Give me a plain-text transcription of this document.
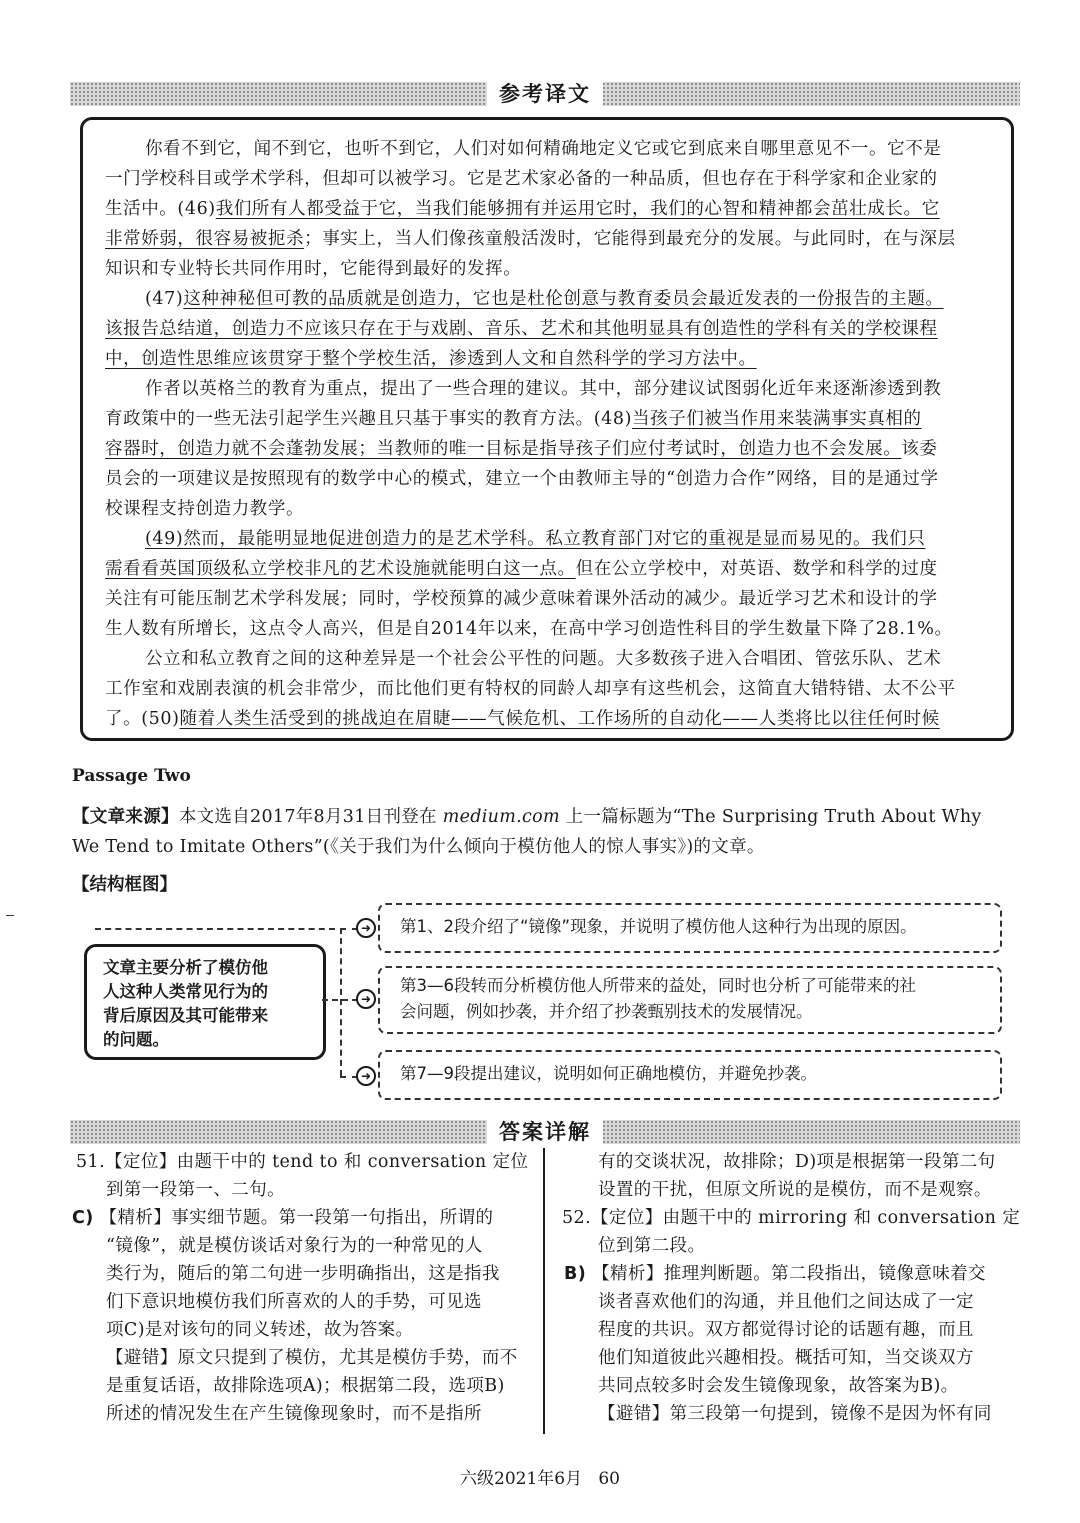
参考译文
你看不到它，闻不到它，也听不到它，人们对如何精确地定义它或它到底来自哪里意见不一。它不是
一门学校科目或学术学科，但却可以被学习。它是艺术家必备的一种品质，但也存在于科学家和企业家的
生活中。(46)我们所有人都受益于它，当我们能够拥有并运用它时，我们的心智和精神都会茁壮成长。它
非常娇弱，很容易被扼杀；事实上，当人们像孩童般活泼时，它能得到最充分的发展。与此同时，在与深层
知识和专业特长共同作用时，它能得到最好的发挥。
(47)这种神秘但可教的品质就是创造力，它也是杜伦创意与教育委员会最近发表的一份报告的主题。
该报告总结道，创造力不应该只存在于与戏剧、音乐、艺术和其他明显具有创造性的学科有关的学校课程
中，创造性思维应该贯穿于整个学校生活，渗透到人文和自然科学的学习方法中。
作者以英格兰的教育为重点，提出了一些合理的建议。其中，部分建议试图弱化近年来逐渐渗透到教
育政策中的一些无法引起学生兴趣且只基于事实的教育方法。(48)当孩子们被当作用来装满事实真相的
容器时，创造力就不会蓬勃发展；当教师的唯一目标是指导孩子们应付考试时，创造力也不会发展。该委
员会的一项建议是按照现有的数学中心的模式，建立一个由教师主导的“创造力合作”网络，目的是通过学
校课程支持创造力教学。
(49)然而，最能明显地促进创造力的是艺术学科。私立教育部门对它的重视是显而易见的。我们只
需看看英国顶级私立学校非凡的艺术设施就能明白这一点。但在公立学校中，对英语、数学和科学的过度
关注有可能压制艺术学科发展；同时，学校预算的减少意味着课外活动的减少。最近学习艺术和设计的学
生人数有所增长，这点令人高兴，但是自2014年以来，在高中学习创造性科目的学生数量下降了28.1%。
公立和私立教育之间的这种差异是一个社会公平性的问题。大多数孩子进入合唱团、管弦乐队、艺术
工作室和戏剧表演的机会非常少，而比他们更有特权的同龄人却享有这些机会，这简直大错特错、太不公平
了。(50)随着人类生活受到的挑战迫在眉睫——气候危机、工作场所的自动化——人类将比以往任何时候
Passage Two
【文章来源】本文选自2017年8月31日刊登在 medium.com 上一篇标题为“The Surprising Truth About Why
We Tend to Imitate Others”(《关于我们为什么倾向于模仿他人的惊人事实》)的文章。
【结构框图】
文章主要分析了模仿他
人这种人类常见行为的
背后原因及其可能带来
的问题。
➜
➜
➜
第1、2段介绍了“镜像”现象，并说明了模仿他人这种行为出现的原因。
第3—6段转而分析模仿他人所带来的益处，同时也分析了可能带来的社
会问题，例如抄袭，并介绍了抄袭甄别技术的发展情况。
第7—9段提出建议，说明如何正确地模仿，并避免抄袭。
答案详解
51.【定位】由题干中的 tend to 和 conversation 定位
到第一段第一、二句。
C) 【精析】事实细节题。第一段第一句指出，所谓的
“镜像”，就是模仿谈话对象行为的一种常见的人
类行为，随后的第二句进一步明确指出，这是指我
们下意识地模仿我们所喜欢的人的手势，可见选
项C)是对该句的同义转述，故为答案。
【避错】原文只提到了模仿，尤其是模仿手势，而不
是重复话语，故排除选项A)；根据第二段，选项B)
所述的情况发生在产生镜像现象时，而不是指所
有的交谈状况，故排除；D)项是根据第一段第二句
设置的干扰，但原文所说的是模仿，而不是观察。
52.【定位】由题干中的 mirroring 和 conversation 定
位到第二段。
B) 【精析】推理判断题。第二段指出，镜像意味着交
谈者喜欢他们的沟通，并且他们之间达成了一定
程度的共识。双方都觉得讨论的话题有趣，而且
他们知道彼此兴趣相投。概括可知，当交谈双方
共同点较多时会发生镜像现象，故答案为B)。
【避错】第三段第一句提到，镜像不是因为怀有同
六级2021年6月 60
